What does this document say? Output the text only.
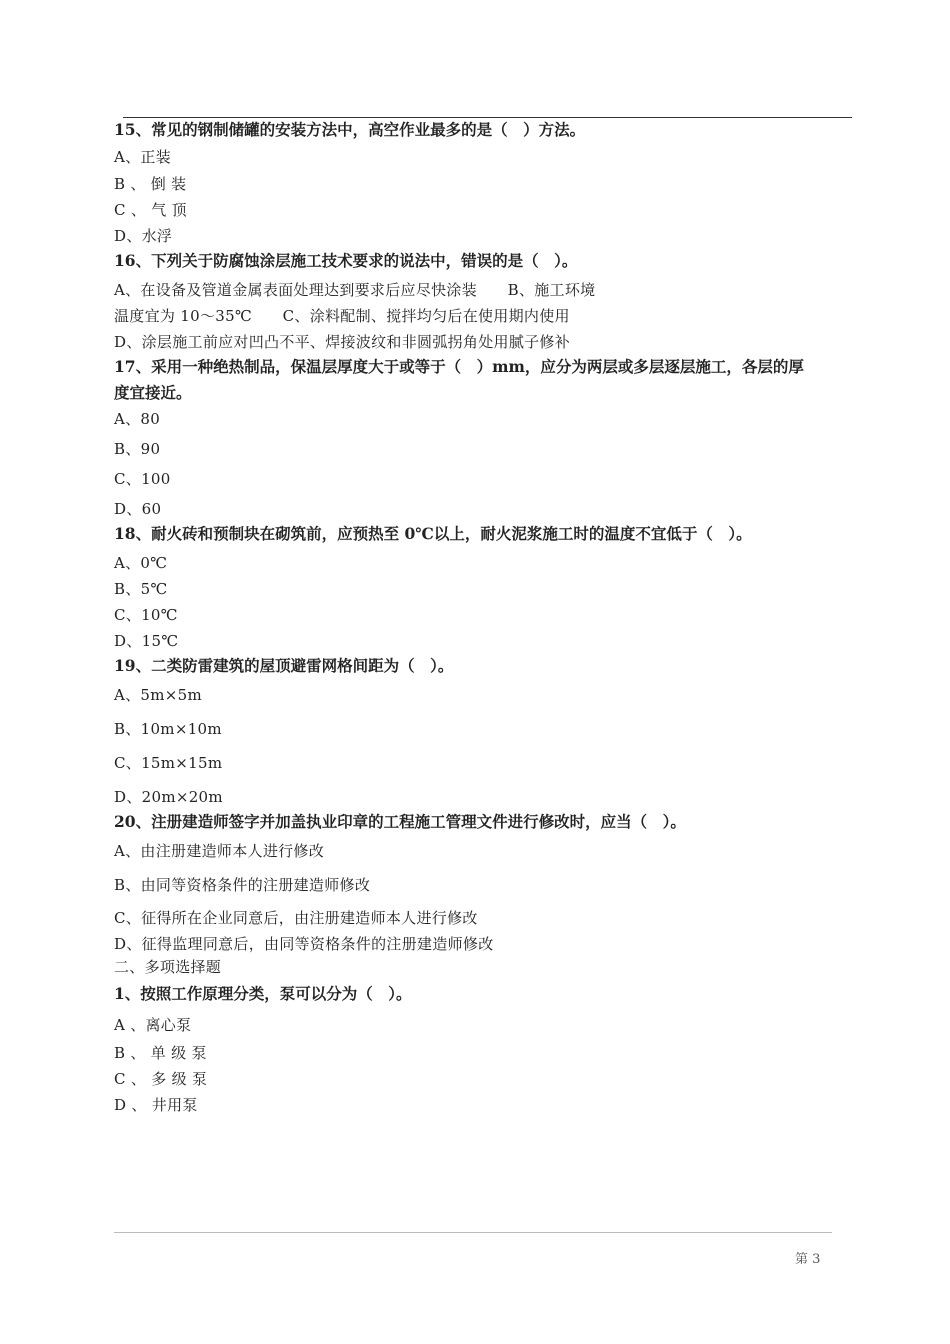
15、常见的钢制储罐的安装方法中，高空作业最多的是（　）方法。
A、正装
B 、 倒 装
C 、 气 顶
D、水浮
16、下列关于防腐蚀涂层施工技术要求的说法中，错误的是（　）。
A、在设备及管道金属表面处理达到要求后应尽快涂装　　B、施工环境
温度宜为 10～35℃　　C、涂料配制、搅拌均匀后在使用期内使用
D、涂层施工前应对凹凸不平、焊接波纹和非圆弧拐角处用腻子修补
17、采用一种绝热制品，保温层厚度大于或等于（　）mm，应分为两层或多层逐层施工，各层的厚
度宜接近。
A、80
B、90
C、100
D、60
18、耐火砖和预制块在砌筑前，应预热至 0℃以上，耐火泥浆施工时的温度不宜低于（　）。
A、0℃
B、5℃
C、10℃
D、15℃
19、二类防雷建筑的屋顶避雷网格间距为（　）。
A、5m×5m
B、10m×10m
C、15m×15m
D、20m×20m
20、注册建造师签字并加盖执业印章的工程施工管理文件进行修改时，应当（　）。
A、由注册建造师本人进行修改
B、由同等资格条件的注册建造师修改
C、征得所在企业同意后，由注册建造师本人进行修改
D、征得监理同意后，由同等资格条件的注册建造师修改
二、多项选择题
1、按照工作原理分类，泵可以分为（　）。
A 、离心泵
B 、 单 级 泵
C 、 多 级 泵
D 、 井用泵
第 3
